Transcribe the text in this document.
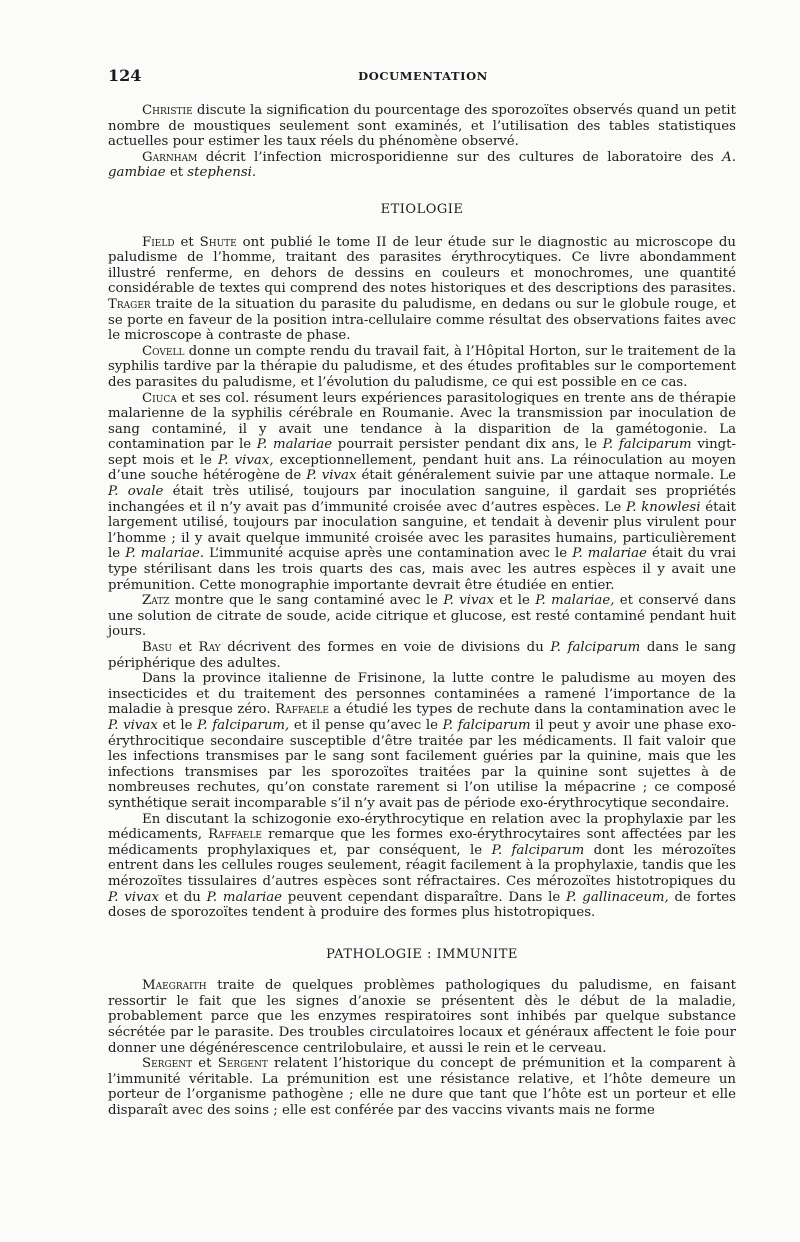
124	DOCUMENTATION

Christie discute la signification du pourcentage des sporozoïtes observés quand un petit nombre de moustiques seulement sont examinés, et l’utilisation des tables statistiques actuelles pour estimer les taux réels du phénomène observé.

Garnham décrit l’infection microsporidienne sur des cultures de laboratoire des A. gambiae et stephensi.

ETIOLOGIE

Field et Shute ont publié le tome II de leur étude sur le diagnostic au microscope du paludisme de l’homme, traitant des parasites érythrocytiques. Ce livre abondamment illustré renferme, en dehors de dessins en couleurs et monochromes, une quantité considérable de textes qui comprend des notes historiques et des descriptions des parasites. Trager traite de la situation du parasite du paludisme, en dedans ou sur le globule rouge, et se porte en faveur de la position intra-cellulaire comme résultat des observations faites avec le microscope à contraste de phase.

Covell donne un compte rendu du travail fait, à l’Hôpital Horton, sur le traitement de la syphilis tardive par la thérapie du paludisme, et des études profitables sur le comportement des parasites du paludisme, et l’évolution du paludisme, ce qui est possible en ce cas.

Ciuca et ses col. résument leurs expériences parasitologiques en trente ans de thérapie malarienne de la syphilis cérébrale en Roumanie. Avec la transmission par inoculation de sang contaminé, il y avait une tendance à la disparition de la gamétogonie. La contamination par le P. malariae pourrait persister pendant dix ans, le P. falciparum vingt-sept mois et le P. vivax, exceptionnellement, pendant huit ans. La réinoculation au moyen d’une souche hétérogène de P. vivax était généralement suivie par une attaque normale. Le P. ovale était très utilisé, toujours par inoculation sanguine, il gardait ses propriétés inchangées et il n’y avait pas d’immunité croisée avec d’autres espèces. Le P. knowlesi était largement utilisé, toujours par inoculation sanguine, et tendait à devenir plus virulent pour l’homme ; il y avait quelque immunité croisée avec les parasites humains, particulièrement le P. malariae. L’immunité acquise après une contamination avec le P. malariae était du vrai type stérilisant dans les trois quarts des cas, mais avec les autres espèces il y avait une prémunition. Cette monographie importante devrait être étudiée en entier.

Zatz montre que le sang contaminé avec le P. vivax et le P. malariae, et conservé dans une solution de citrate de soude, acide citrique et glucose, est resté contaminé pendant huit jours.

Basu et Ray décrivent des formes en voie de divisions du P. falciparum dans le sang périphérique des adultes.

Dans la province italienne de Frisinone, la lutte contre le paludisme au moyen des insecticides et du traitement des personnes contaminées a ramené l’importance de la maladie à presque zéro. Raffaele a étudié les types de rechute dans la contamination avec le P. vivax et le P. falciparum, et il pense qu’avec le P. falciparum il peut y avoir une phase exo-érythrocitique secondaire susceptible d’être traitée par les médicaments. Il fait valoir que les infections transmises par le sang sont facilement guéries par la quinine, mais que les infections transmises par les sporozoïtes traitées par la quinine sont sujettes à de nombreuses rechutes, qu’on constate rarement si l’on utilise la mépacrine ; ce composé synthétique serait incomparable s’il n’y avait pas de période exo-érythrocytique secondaire.

En discutant la schizogonie exo-érythrocytique en relation avec la prophylaxie par les médicaments, Raffaele remarque que les formes exo-érythrocytaires sont affectées par les médicaments prophylaxiques et, par conséquent, le P. falciparum dont les mérozoïtes entrent dans les cellules rouges seulement, réagit facilement à la prophylaxie, tandis que les mérozoïtes tissulaires d’autres espèces sont réfractaires. Ces mérozoïtes histotropiques du P. vivax et du P. malariae peuvent cependant disparaître. Dans le P. gallinaceum, de fortes doses de sporozoïtes tendent à produire des formes plus histotropiques.

PATHOLOGIE : IMMUNITE

Maegraith traite de quelques problèmes pathologiques du paludisme, en faisant ressortir le fait que les signes d’anoxie se présentent dès le début de la maladie, probablement parce que les enzymes respiratoires sont inhibés par quelque substance sécrétée par le parasite. Des troubles circulatoires locaux et généraux affectent le foie pour donner une dégénérescence centrilobulaire, et aussi le rein et le cerveau.

Sergent et Sergent relatent l’historique du concept de prémunition et la comparent à l’immunité véritable. La prémunition est une résistance relative, et l’hôte demeure un porteur de l’organisme pathogène ; elle ne dure que tant que l’hôte est un porteur et elle disparaît avec des soins ; elle est conférée par des vaccins vivants mais ne forme
